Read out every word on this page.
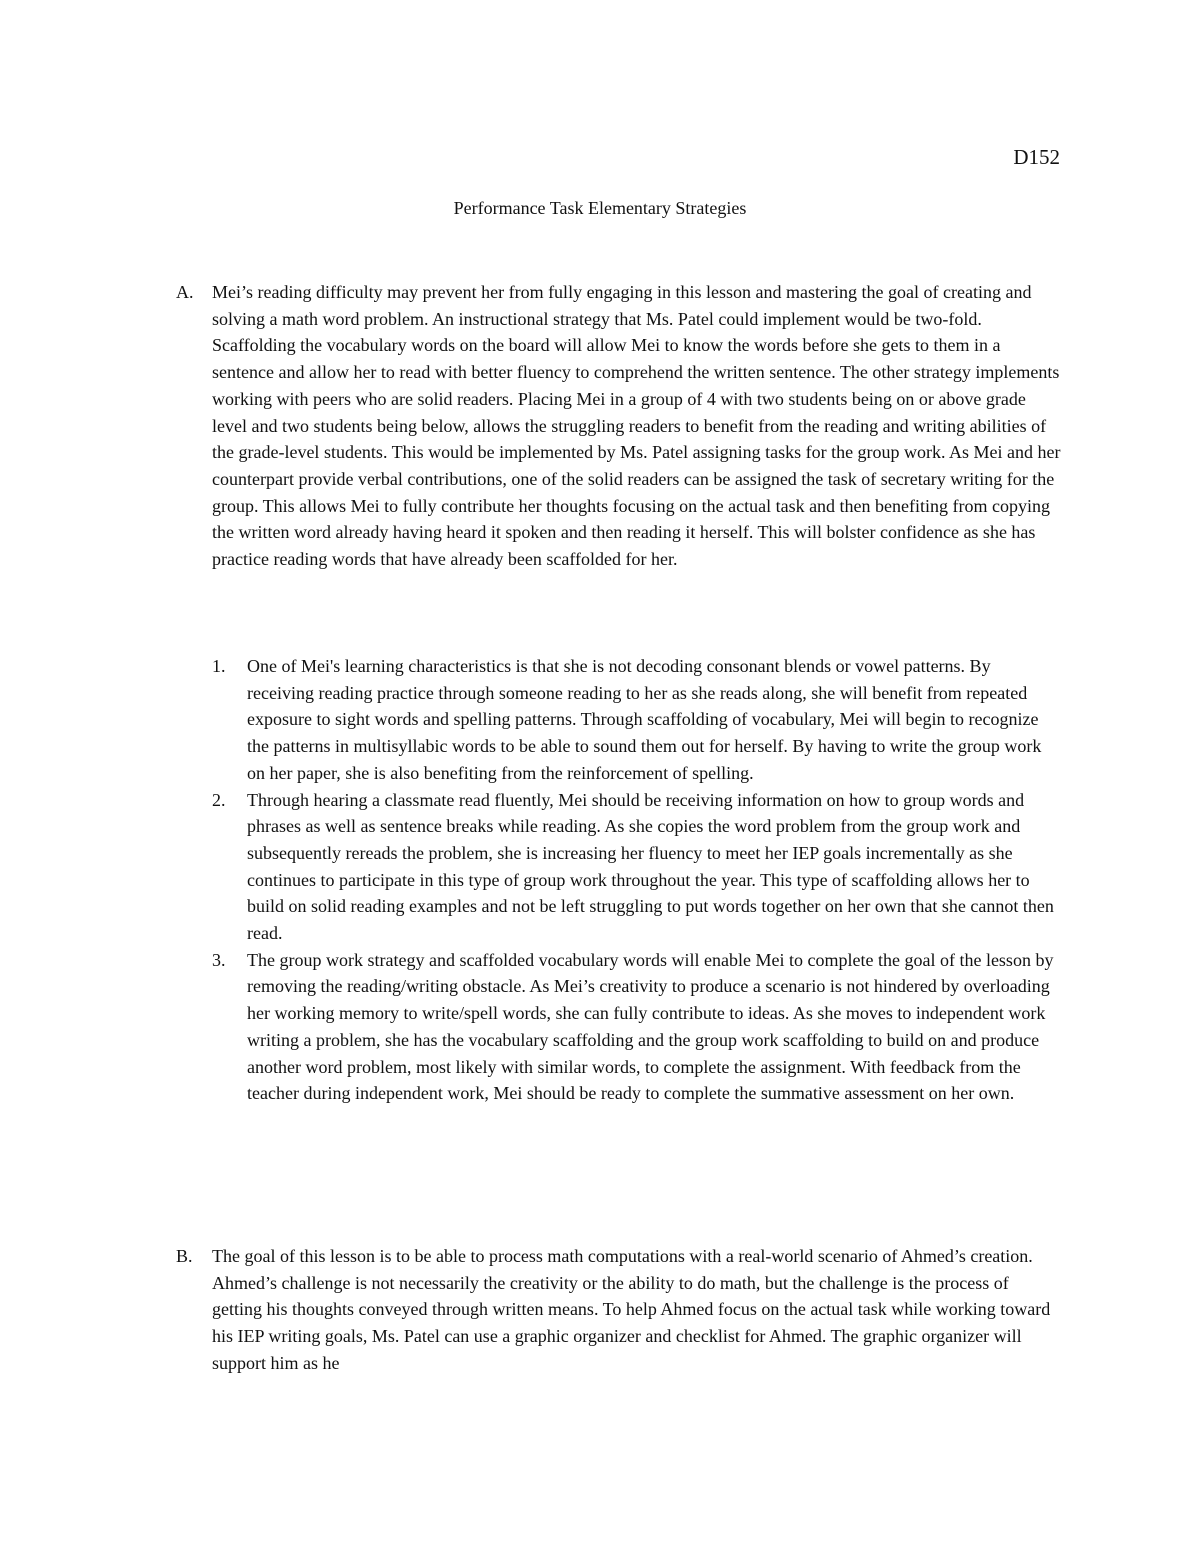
D152
Performance Task Elementary Strategies
A. Mei’s reading difficulty may prevent her from fully engaging in this lesson and mastering the goal of creating and solving a math word problem. An instructional strategy that Ms. Patel could implement would be two-fold. Scaffolding the vocabulary words on the board will allow Mei to know the words before she gets to them in a sentence and allow her to read with better fluency to comprehend the written sentence. The other strategy implements working with peers who are solid readers. Placing Mei in a group of 4 with two students being on or above grade level and two students being below, allows the struggling readers to benefit from the reading and writing abilities of the grade-level students. This would be implemented by Ms. Patel assigning tasks for the group work. As Mei and her counterpart provide verbal contributions, one of the solid readers can be assigned the task of secretary writing for the group. This allows Mei to fully contribute her thoughts focusing on the actual task and then benefiting from copying the written word already having heard it spoken and then reading it herself. This will bolster confidence as she has practice reading words that have already been scaffolded for her.
1. One of Mei's learning characteristics is that she is not decoding consonant blends or vowel patterns. By receiving reading practice through someone reading to her as she reads along, she will benefit from repeated exposure to sight words and spelling patterns. Through scaffolding of vocabulary, Mei will begin to recognize the patterns in multisyllabic words to be able to sound them out for herself. By having to write the group work on her paper, she is also benefiting from the reinforcement of spelling.
2. Through hearing a classmate read fluently, Mei should be receiving information on how to group words and phrases as well as sentence breaks while reading. As she copies the word problem from the group work and subsequently rereads the problem, she is increasing her fluency to meet her IEP goals incrementally as she continues to participate in this type of group work throughout the year. This type of scaffolding allows her to build on solid reading examples and not be left struggling to put words together on her own that she cannot then read.
3. The group work strategy and scaffolded vocabulary words will enable Mei to complete the goal of the lesson by removing the reading/writing obstacle. As Mei’s creativity to produce a scenario is not hindered by overloading her working memory to write/spell words, she can fully contribute to ideas. As she moves to independent work writing a problem, she has the vocabulary scaffolding and the group work scaffolding to build on and produce another word problem, most likely with similar words, to complete the assignment. With feedback from the teacher during independent work, Mei should be ready to complete the summative assessment on her own.
B. The goal of this lesson is to be able to process math computations with a real-world scenario of Ahmed’s creation. Ahmed’s challenge is not necessarily the creativity or the ability to do math, but the challenge is the process of getting his thoughts conveyed through written means. To help Ahmed focus on the actual task while working toward his IEP writing goals, Ms. Patel can use a graphic organizer and checklist for Ahmed. The graphic organizer will support him as he
